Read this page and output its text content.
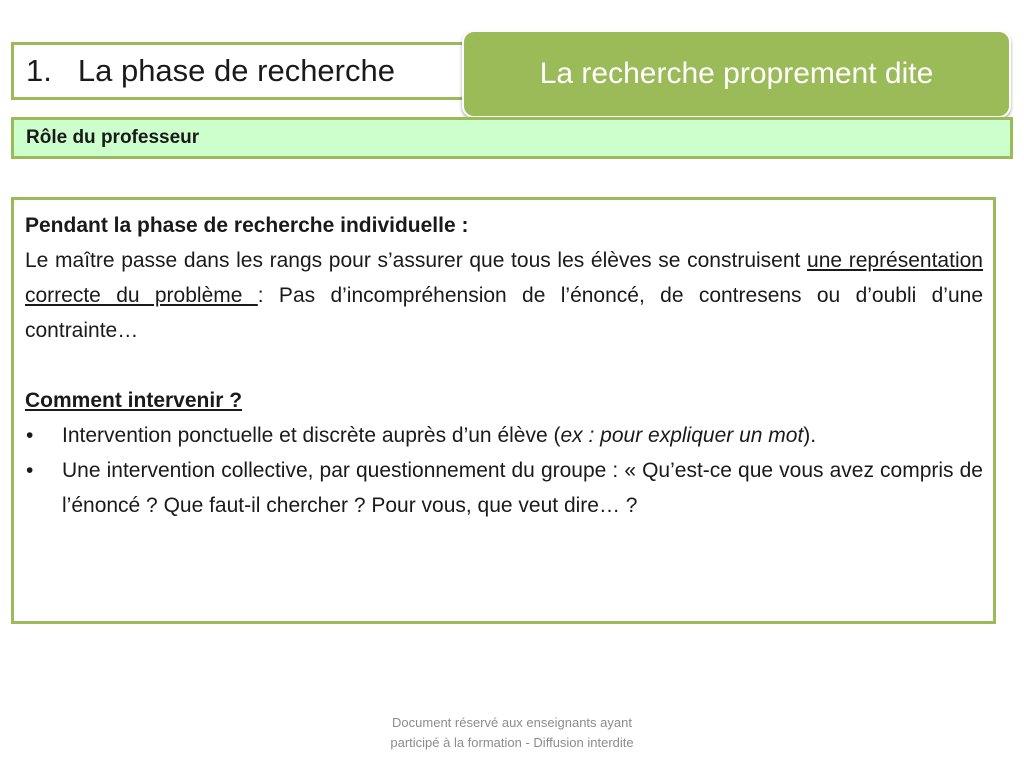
1. La phase de recherche	La recherche proprement dite
Rôle du professeur

Pendant la phase de recherche individuelle :

Le maître passe dans les rangs pour s’assurer que tous les élèves se construisent une représentation correcte du problème : Pas d’incompréhension de l’énoncé, de contresens ou d’oubli d’une contrainte…

Comment intervenir ?

• Intervention ponctuelle et discrète auprès d’un élève (ex : pour expliquer un mot).
• Une intervention collective, par questionnement du groupe : « Qu’est-ce que vous avez compris de l’énoncé ? Que faut-il chercher ? Pour vous, que veut dire… ?
Document réservé aux enseignants ayant
participé à la formation - Diffusion interdite
